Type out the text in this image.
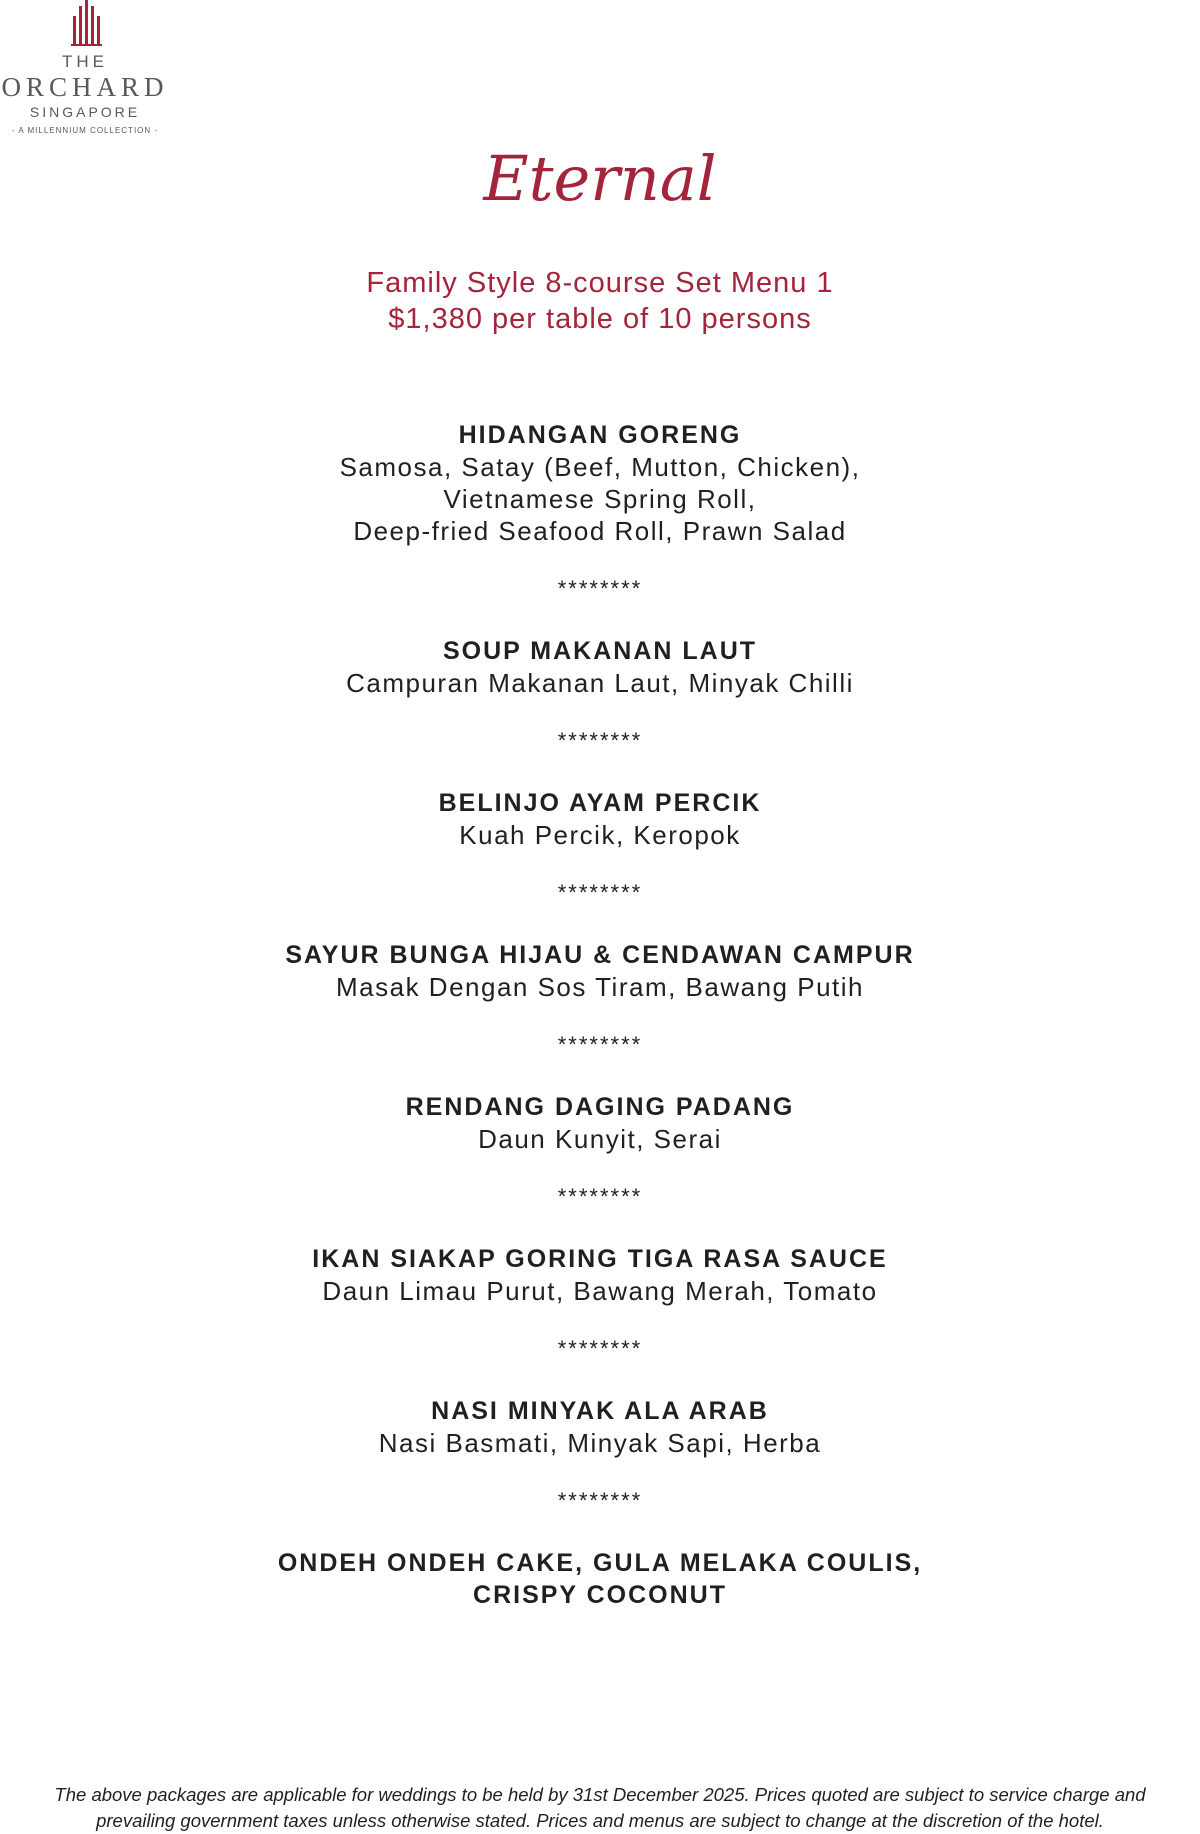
THE
ORCHARD
SINGAPORE
- A MILLENNIUM COLLECTION -
Eternal
Family Style 8-course Set Menu 1
$1,380 per table of 10 persons
HIDANGAN GORENG
Samosa, Satay (Beef, Mutton, Chicken),
Vietnamese Spring Roll,
Deep-fried Seafood Roll, Prawn Salad
********
SOUP MAKANAN LAUT
Campuran Makanan Laut, Minyak Chilli
********
BELINJO AYAM PERCIK
Kuah Percik, Keropok
********
SAYUR BUNGA HIJAU & CENDAWAN CAMPUR
Masak Dengan Sos Tiram, Bawang Putih
********
RENDANG DAGING PADANG
Daun Kunyit, Serai
********
IKAN SIAKAP GORING TIGA RASA SAUCE
Daun Limau Purut, Bawang Merah, Tomato
********
NASI MINYAK ALA ARAB
Nasi Basmati, Minyak Sapi, Herba
********
ONDEH ONDEH CAKE, GULA MELAKA COULIS,
CRISPY COCONUT
The above packages are applicable for weddings to be held by 31st December 2025. Prices quoted are subject to service charge and
prevailing government taxes unless otherwise stated. Prices and menus are subject to change at the discretion of the hotel.
